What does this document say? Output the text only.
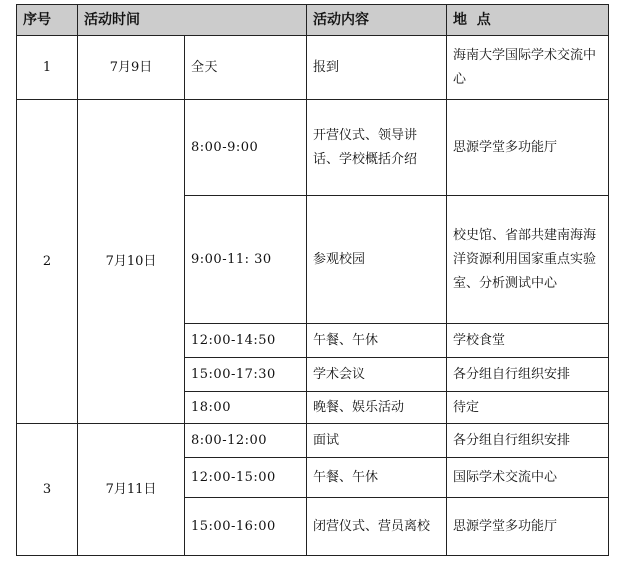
序号	活动时间		活动内容	地  点
1	7月9日	全天	报到	海南大学国际学术交流中心
2	7月10日	8:00-9:00	开营仪式、领导讲话、学校概括介绍	思源学堂多功能厅
		9:00-11: 30	参观校园	校史馆、省部共建南海海洋资源利用国家重点实验室、分析测试中心
		12:00-14:50	午餐、午休	学校食堂
		15:00-17:30	学术会议	各分组自行组织安排
		18:00	晚餐、娱乐活动	待定
3	7月11日	8:00-12:00	面试	各分组自行组织安排
		12:00-15:00	午餐、午休	国际学术交流中心
		15:00-16:00	闭营仪式、营员离校	思源学堂多功能厅
